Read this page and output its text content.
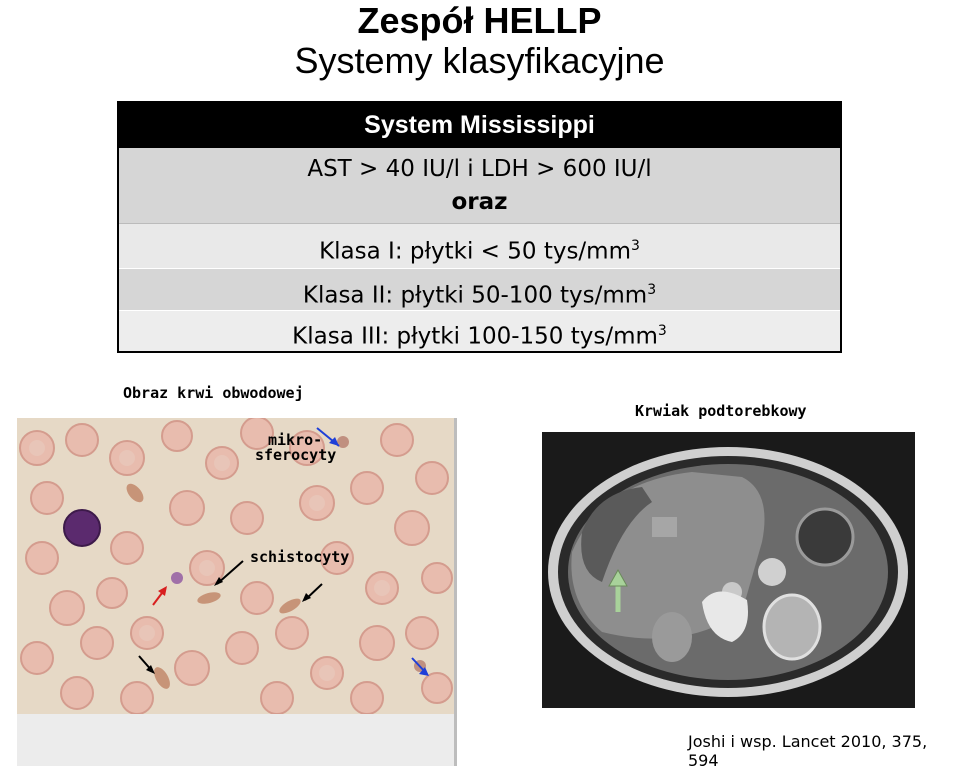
Zespół HELLP
Systemy klasyfikacyjne
System Mississippi
AST > 40 IU/l i LDH > 600 IU/l
oraz
Klasa I: płytki < 50 tys/$mm^3$
Klasa II: płytki 50-100 tys/$mm^3$
Klasa III: płytki 100-150 tys/$mm^3$
Obraz krwi obwodowej
mikro-
sferocyty
schistocyty
Krwiak podtorebkowy
Joshi i wsp. Lancet 2010, 375, 594
